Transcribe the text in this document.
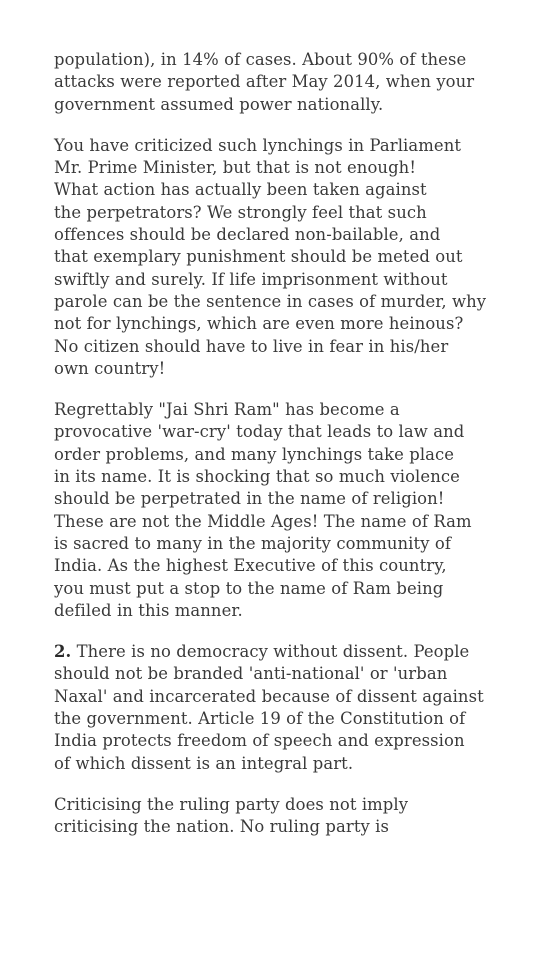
population), in 14% of cases. About 90% of these
attacks were reported after May 2014, when your
government assumed power nationally.

You have criticized such lynchings in Parliament
Mr. Prime Minister, but that is not enough!
What action has actually been taken against
the perpetrators? We strongly feel that such
offences should be declared non-bailable, and
that exemplary punishment should be meted out
swiftly and surely. If life imprisonment without
parole can be the sentence in cases of murder, why
not for lynchings, which are even more heinous?
No citizen should have to live in fear in his/her
own country!

Regrettably "Jai Shri Ram" has become a
provocative 'war-cry' today that leads to law and
order problems, and many lynchings take place
in its name. It is shocking that so much violence
should be perpetrated in the name of religion!
These are not the Middle Ages! The name of Ram
is sacred to many in the majority community of
India. As the highest Executive of this country,
you must put a stop to the name of Ram being
defiled in this manner.

2. There is no democracy without dissent. People
should not be branded 'anti-national' or 'urban
Naxal' and incarcerated because of dissent against
the government. Article 19 of the Constitution of
India protects freedom of speech and expression
of which dissent is an integral part.

Criticising the ruling party does not imply
criticising the nation. No ruling party is
